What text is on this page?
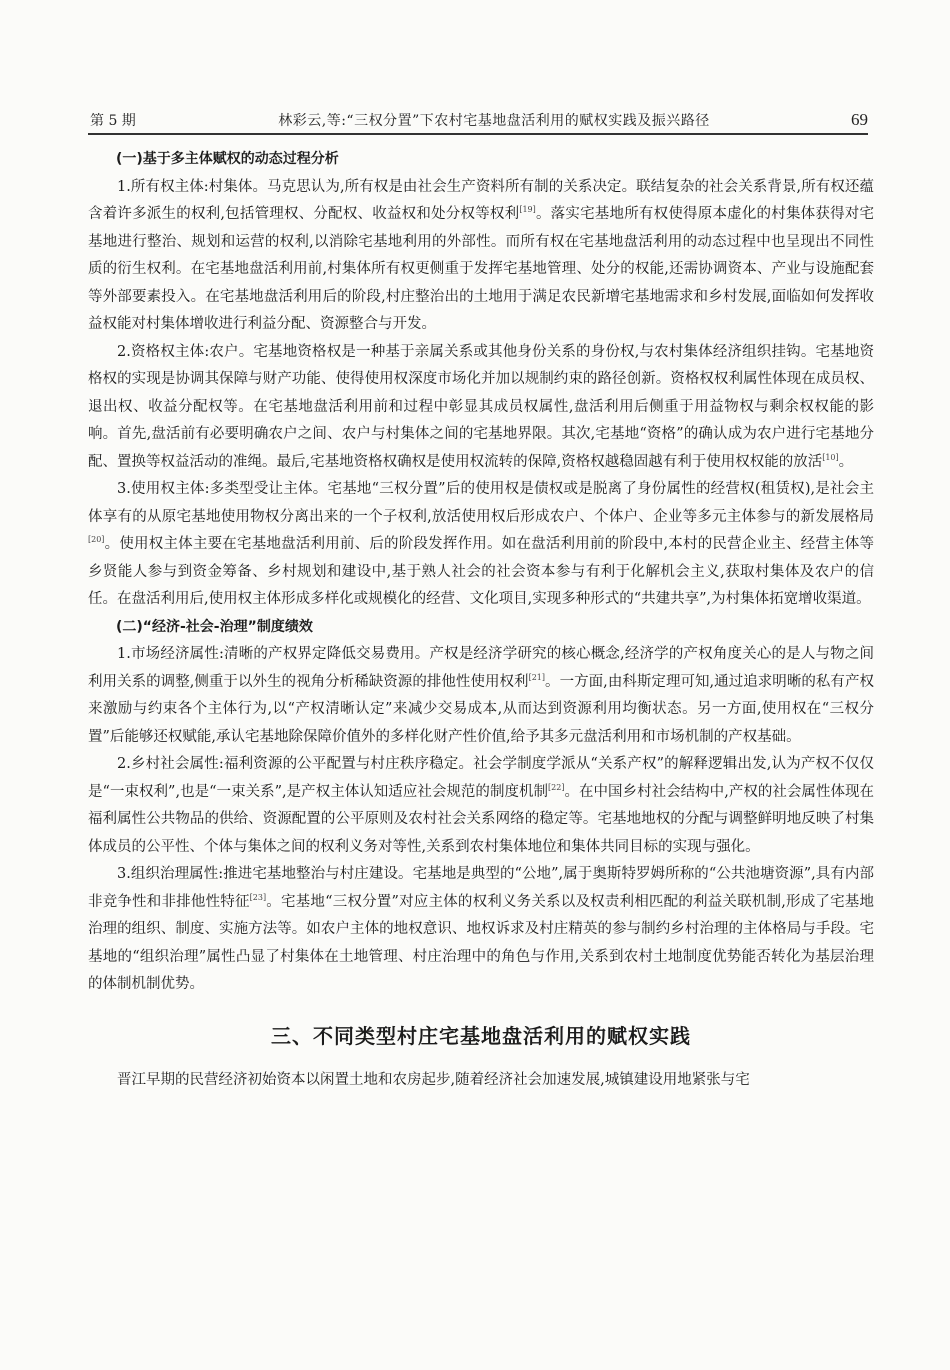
第 5 期	林彩云,等:“三权分置”下农村宅基地盘活利用的赋权实践及振兴路径	69
(一)基于多主体赋权的动态过程分析

1.所有权主体:村集体。马克思认为,所有权是由社会生产资料所有制的关系决定。联结复杂的社会关系背景,所有权还蕴含着许多派生的权利,包括管理权、分配权、收益权和处分权等权利[19]。落实宅基地所有权使得原本虚化的村集体获得对宅基地进行整治、规划和运营的权利,以消除宅基地利用的外部性。而所有权在宅基地盘活利用的动态过程中也呈现出不同性质的衍生权利。在宅基地盘活利用前,村集体所有权更侧重于发挥宅基地管理、处分的权能,还需协调资本、产业与设施配套等外部要素投入。在宅基地盘活利用后的阶段,村庄整治出的土地用于满足农民新增宅基地需求和乡村发展,面临如何发挥收益权能对村集体增收进行利益分配、资源整合与开发。

2.资格权主体:农户。宅基地资格权是一种基于亲属关系或其他身份关系的身份权,与农村集体经济组织挂钩。宅基地资格权的实现是协调其保障与财产功能、使得使用权深度市场化并加以规制约束的路径创新。资格权权利属性体现在成员权、退出权、收益分配权等。在宅基地盘活利用前和过程中彰显其成员权属性,盘活利用后侧重于用益物权与剩余权权能的影响。首先,盘活前有必要明确农户之间、农户与村集体之间的宅基地界限。其次,宅基地“资格”的确认成为农户进行宅基地分配、置换等权益活动的准绳。最后,宅基地资格权确权是使用权流转的保障,资格权越稳固越有利于使用权权能的放活[10]。

3.使用权主体:多类型受让主体。宅基地“三权分置”后的使用权是债权或是脱离了身份属性的经营权(租赁权),是社会主体享有的从原宅基地使用物权分离出来的一个子权利,放活使用权后形成农户、个体户、企业等多元主体参与的新发展格局[20]。使用权主体主要在宅基地盘活利用前、后的阶段发挥作用。如在盘活利用前的阶段中,本村的民营企业主、经营主体等乡贤能人参与到资金筹备、乡村规划和建设中,基于熟人社会的社会资本参与有利于化解机会主义,获取村集体及农户的信任。在盘活利用后,使用权主体形成多样化或规模化的经营、文化项目,实现多种形式的“共建共享”,为村集体拓宽增收渠道。

(二)“经济-社会-治理”制度绩效

1.市场经济属性:清晰的产权界定降低交易费用。产权是经济学研究的核心概念,经济学的产权角度关心的是人与物之间利用关系的调整,侧重于以外生的视角分析稀缺资源的排他性使用权利[21]。一方面,由科斯定理可知,通过追求明晰的私有产权来激励与约束各个主体行为,以“产权清晰认定”来减少交易成本,从而达到资源利用均衡状态。另一方面,使用权在“三权分置”后能够还权赋能,承认宅基地除保障价值外的多样化财产性价值,给予其多元盘活利用和市场机制的产权基础。

2.乡村社会属性:福利资源的公平配置与村庄秩序稳定。社会学制度学派从“关系产权”的解释逻辑出发,认为产权不仅仅是“一束权利”,也是“一束关系”,是产权主体认知适应社会规范的制度机制[22]。在中国乡村社会结构中,产权的社会属性体现在福利属性公共物品的供给、资源配置的公平原则及农村社会关系网络的稳定等。宅基地地权的分配与调整鲜明地反映了村集体成员的公平性、个体与集体之间的权利义务对等性,关系到农村集体地位和集体共同目标的实现与强化。

3.组织治理属性:推进宅基地整治与村庄建设。宅基地是典型的“公地”,属于奥斯特罗姆所称的“公共池塘资源”,具有内部非竞争性和非排他性特征[23]。宅基地“三权分置”对应主体的权利义务关系以及权责利相匹配的利益关联机制,形成了宅基地治理的组织、制度、实施方法等。如农户主体的地权意识、地权诉求及村庄精英的参与制约乡村治理的主体格局与手段。宅基地的“组织治理”属性凸显了村集体在土地管理、村庄治理中的角色与作用,关系到农村土地制度优势能否转化为基层治理的体制机制优势。

三、不同类型村庄宅基地盘活利用的赋权实践

晋江早期的民营经济初始资本以闲置土地和农房起步,随着经济社会加速发展,城镇建设用地紧张与宅
